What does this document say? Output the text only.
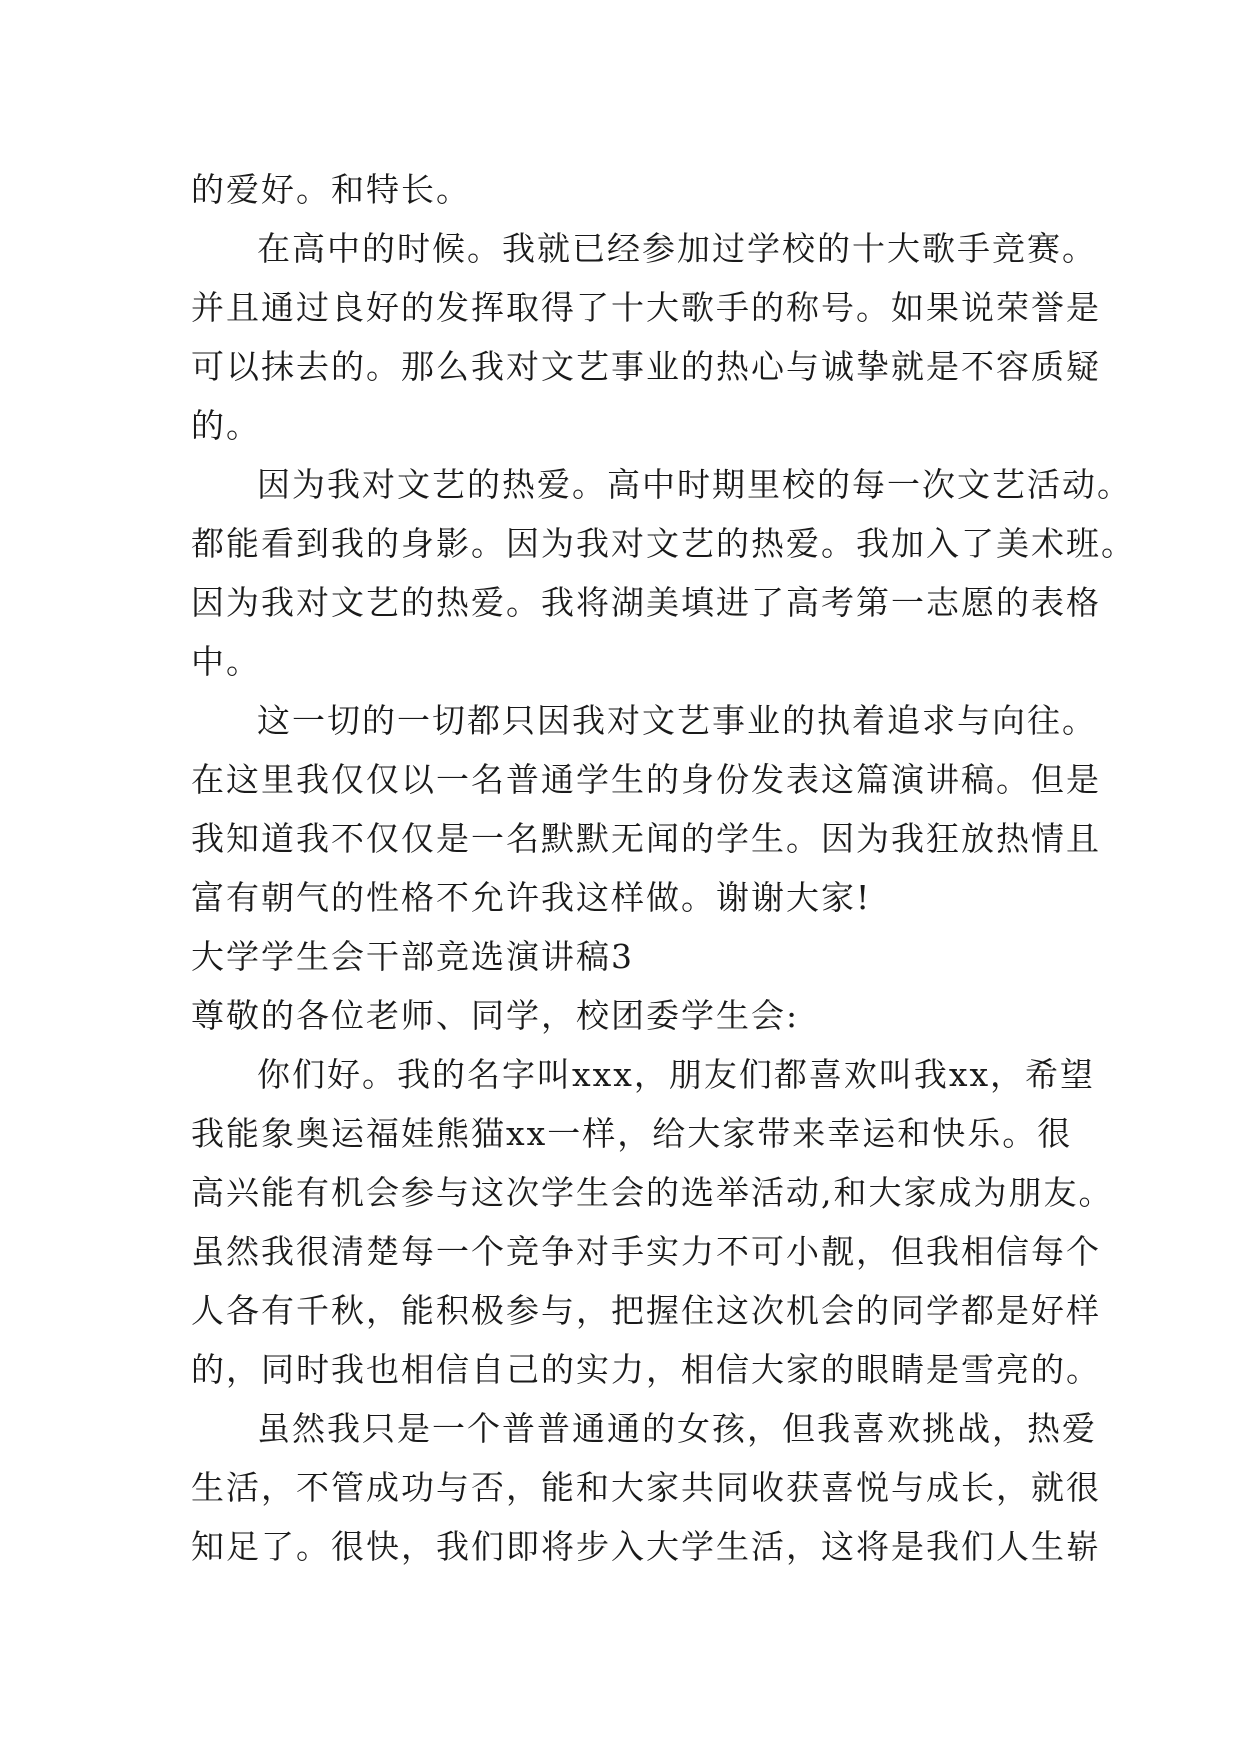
的爱好。和特长。
在高中的时候。我就已经参加过学校的十大歌手竞赛。
并且通过良好的发挥取得了十大歌手的称号。如果说荣誉是
可以抹去的。那么我对文艺事业的热心与诚挚就是不容质疑
的。
因为我对文艺的热爱。高中时期里校的每一次文艺活动。
都能看到我的身影。因为我对文艺的热爱。我加入了美术班。
因为我对文艺的热爱。我将湖美填进了高考第一志愿的表格
中。
这一切的一切都只因我对文艺事业的执着追求与向往。
在这里我仅仅以一名普通学生的身份发表这篇演讲稿。但是
我知道我不仅仅是一名默默无闻的学生。因为我狂放热情且
富有朝气的性格不允许我这样做。谢谢大家!
大学学生会干部竞选演讲稿3
尊敬的各位老师、同学，校团委学生会:
你们好。我的名字叫xxx，朋友们都喜欢叫我xx，希望
我能象奥运福娃熊猫xx一样，给大家带来幸运和快乐。很
高兴能有机会参与这次学生会的选举活动,和大家成为朋友。
虽然我很清楚每一个竞争对手实力不可小靓，但我相信每个
人各有千秋，能积极参与，把握住这次机会的同学都是好样
的，同时我也相信自己的实力，相信大家的眼睛是雪亮的。
虽然我只是一个普普通通的女孩，但我喜欢挑战，热爱
生活，不管成功与否，能和大家共同收获喜悦与成长，就很
知足了。很快，我们即将步入大学生活，这将是我们人生崭
